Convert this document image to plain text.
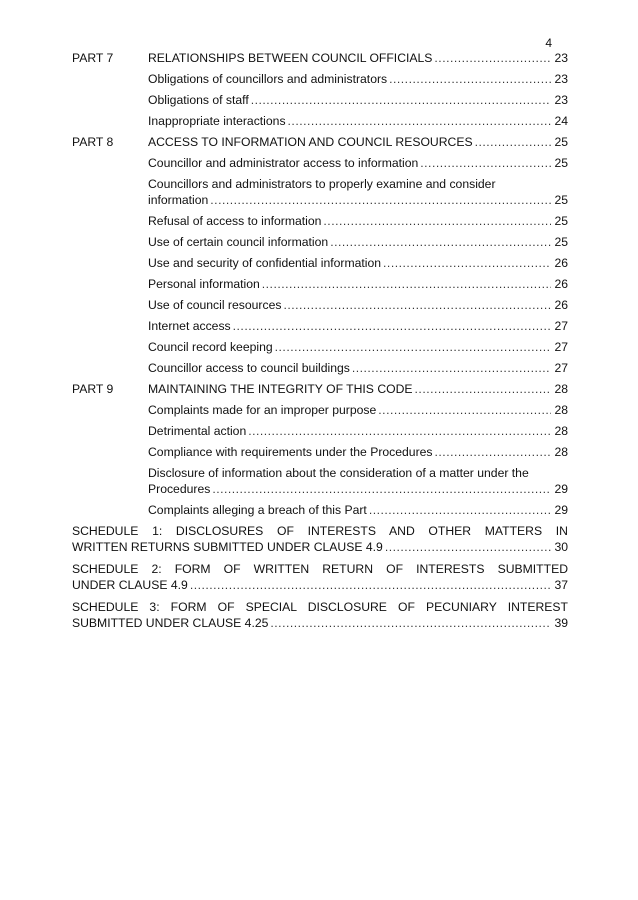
4
PART 7	RELATIONSHIPS BETWEEN COUNCIL OFFICIALS .....	23
Obligations of councillors and administrators .....	23
Obligations of staff .....	23
Inappropriate interactions .....	24
PART 8	ACCESS TO INFORMATION AND COUNCIL RESOURCES .....	25
Councillor and administrator access to information .....	25
Councillors and administrators to properly examine and consider
information .....	25
Refusal of access to information .....	25
Use of certain council information .....	25
Use and security of confidential information .....	26
Personal information .....	26
Use of council resources .....	26
Internet access .....	27
Council record keeping .....	27
Councillor access to council buildings .....	27
PART 9	MAINTAINING THE INTEGRITY OF THIS CODE .....	28
Complaints made for an improper purpose .....	28
Detrimental action .....	28
Compliance with requirements under the Procedures .....	28
Disclosure of information about the consideration of a matter under the
Procedures .....	29
Complaints alleging a breach of this Part .....	29
SCHEDULE 1: DISCLOSURES OF INTERESTS AND OTHER MATTERS IN
WRITTEN RETURNS SUBMITTED UNDER CLAUSE 4.9 .....	30
SCHEDULE 2: FORM OF WRITTEN RETURN OF INTERESTS SUBMITTED
UNDER CLAUSE 4.9 .....	37
SCHEDULE 3: FORM OF SPECIAL DISCLOSURE OF PECUNIARY INTEREST
SUBMITTED UNDER CLAUSE 4.25 .....	39
